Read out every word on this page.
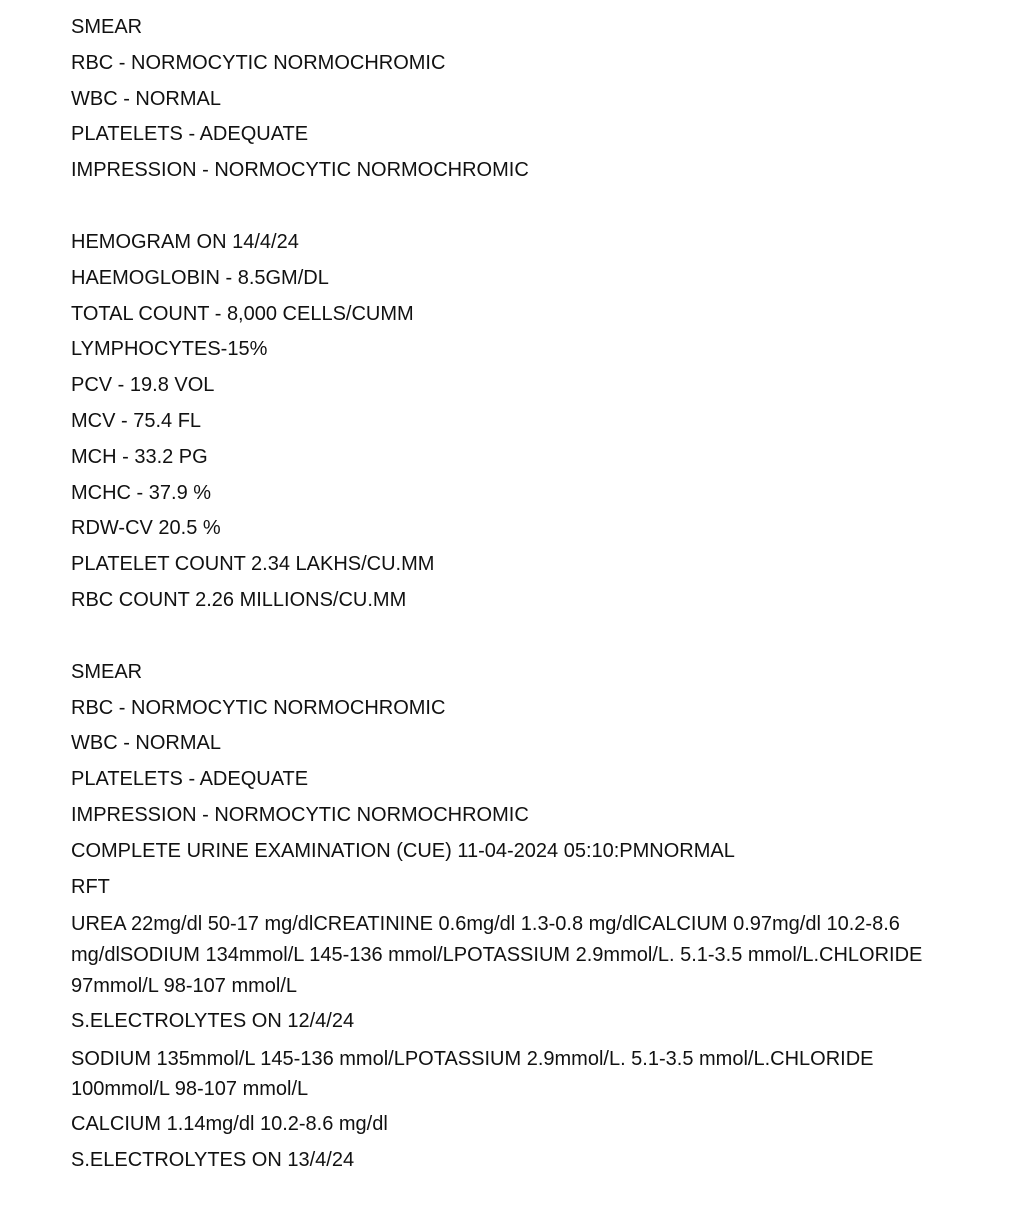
SMEAR
RBC - NORMOCYTIC NORMOCHROMIC
WBC - NORMAL
PLATELETS - ADEQUATE
IMPRESSION - NORMOCYTIC NORMOCHROMIC
HEMOGRAM ON 14/4/24
HAEMOGLOBIN - 8.5GM/DL
TOTAL COUNT - 8,000 CELLS/CUMM
LYMPHOCYTES-15%
PCV - 19.8 VOL
MCV - 75.4 FL
MCH - 33.2 PG
MCHC - 37.9 %
RDW-CV 20.5 %
PLATELET COUNT 2.34 LAKHS/CU.MM
RBC COUNT 2.26 MILLIONS/CU.MM
SMEAR
RBC - NORMOCYTIC NORMOCHROMIC
WBC - NORMAL
PLATELETS - ADEQUATE
IMPRESSION - NORMOCYTIC NORMOCHROMIC
COMPLETE URINE EXAMINATION (CUE) 11-04-2024 05:10:PMNORMAL
RFT
UREA 22mg/dl 50-17 mg/dlCREATININE 0.6mg/dl 1.3-0.8 mg/dlCALCIUM 0.97mg/dl 10.2-8.6 mg/dlSODIUM 134mmol/L 145-136 mmol/LPOTASSIUM 2.9mmol/L. 5.1-3.5 mmol/L.CHLORIDE 97mmol/L 98-107 mmol/L
S.ELECTROLYTES ON 12/4/24
SODIUM 135mmol/L 145-136 mmol/LPOTASSIUM 2.9mmol/L. 5.1-3.5 mmol/L.CHLORIDE 100mmol/L 98-107 mmol/L
CALCIUM 1.14mg/dl 10.2-8.6 mg/dl
S.ELECTROLYTES ON 13/4/24
